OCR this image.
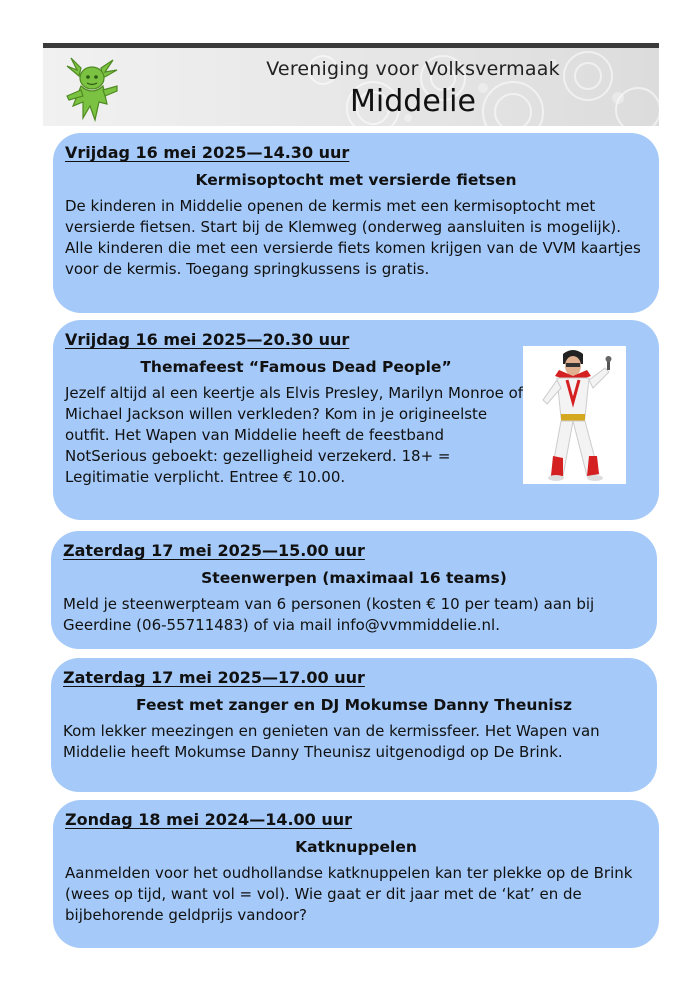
Vereniging voor Volksvermaak
Middelie
Vrijdag 16 mei 2025—14.30 uur
Kermisoptocht met versierde fietsen
De kinderen in Middelie openen de kermis met een kermisoptocht met versierde fietsen. Start bij de Klemweg (onderweg aansluiten is mogelijk). Alle kinderen die met een versierde fiets komen krijgen van de VVM kaartjes voor de kermis. Toegang springkussens is gratis.
Vrijdag 16 mei 2025—20.30 uur
Themafeest “Famous Dead People”
Jezelf altijd al een keertje als Elvis Presley, Marilyn Monroe of Michael Jackson willen verkleden? Kom in je origineelste outfit. Het Wapen van Middelie heeft de feestband NotSerious geboekt: gezelligheid verzekerd. 18+ = Legitimatie verplicht. Entree € 10.00.
Zaterdag 17 mei 2025—15.00 uur
Steenwerpen (maximaal 16 teams)
Meld je steenwerpteam van 6 personen (kosten € 10 per team) aan bij Geerdine (06-55711483) of via mail info@vvmmiddelie.nl.
Zaterdag 17 mei 2025—17.00 uur
Feest met zanger en DJ Mokumse Danny Theunisz
Kom lekker meezingen en genieten van de kermissfeer. Het Wapen van Middelie heeft Mokumse Danny Theunisz uitgenodigd op De Brink.
Zondag 18 mei 2024—14.00 uur
Katknuppelen
Aanmelden voor het oudhollandse katknuppelen kan ter plekke op de Brink (wees op tijd, want vol = vol). Wie gaat er dit jaar met de ‘kat’ en de bijbehorende geldprijs vandoor?
